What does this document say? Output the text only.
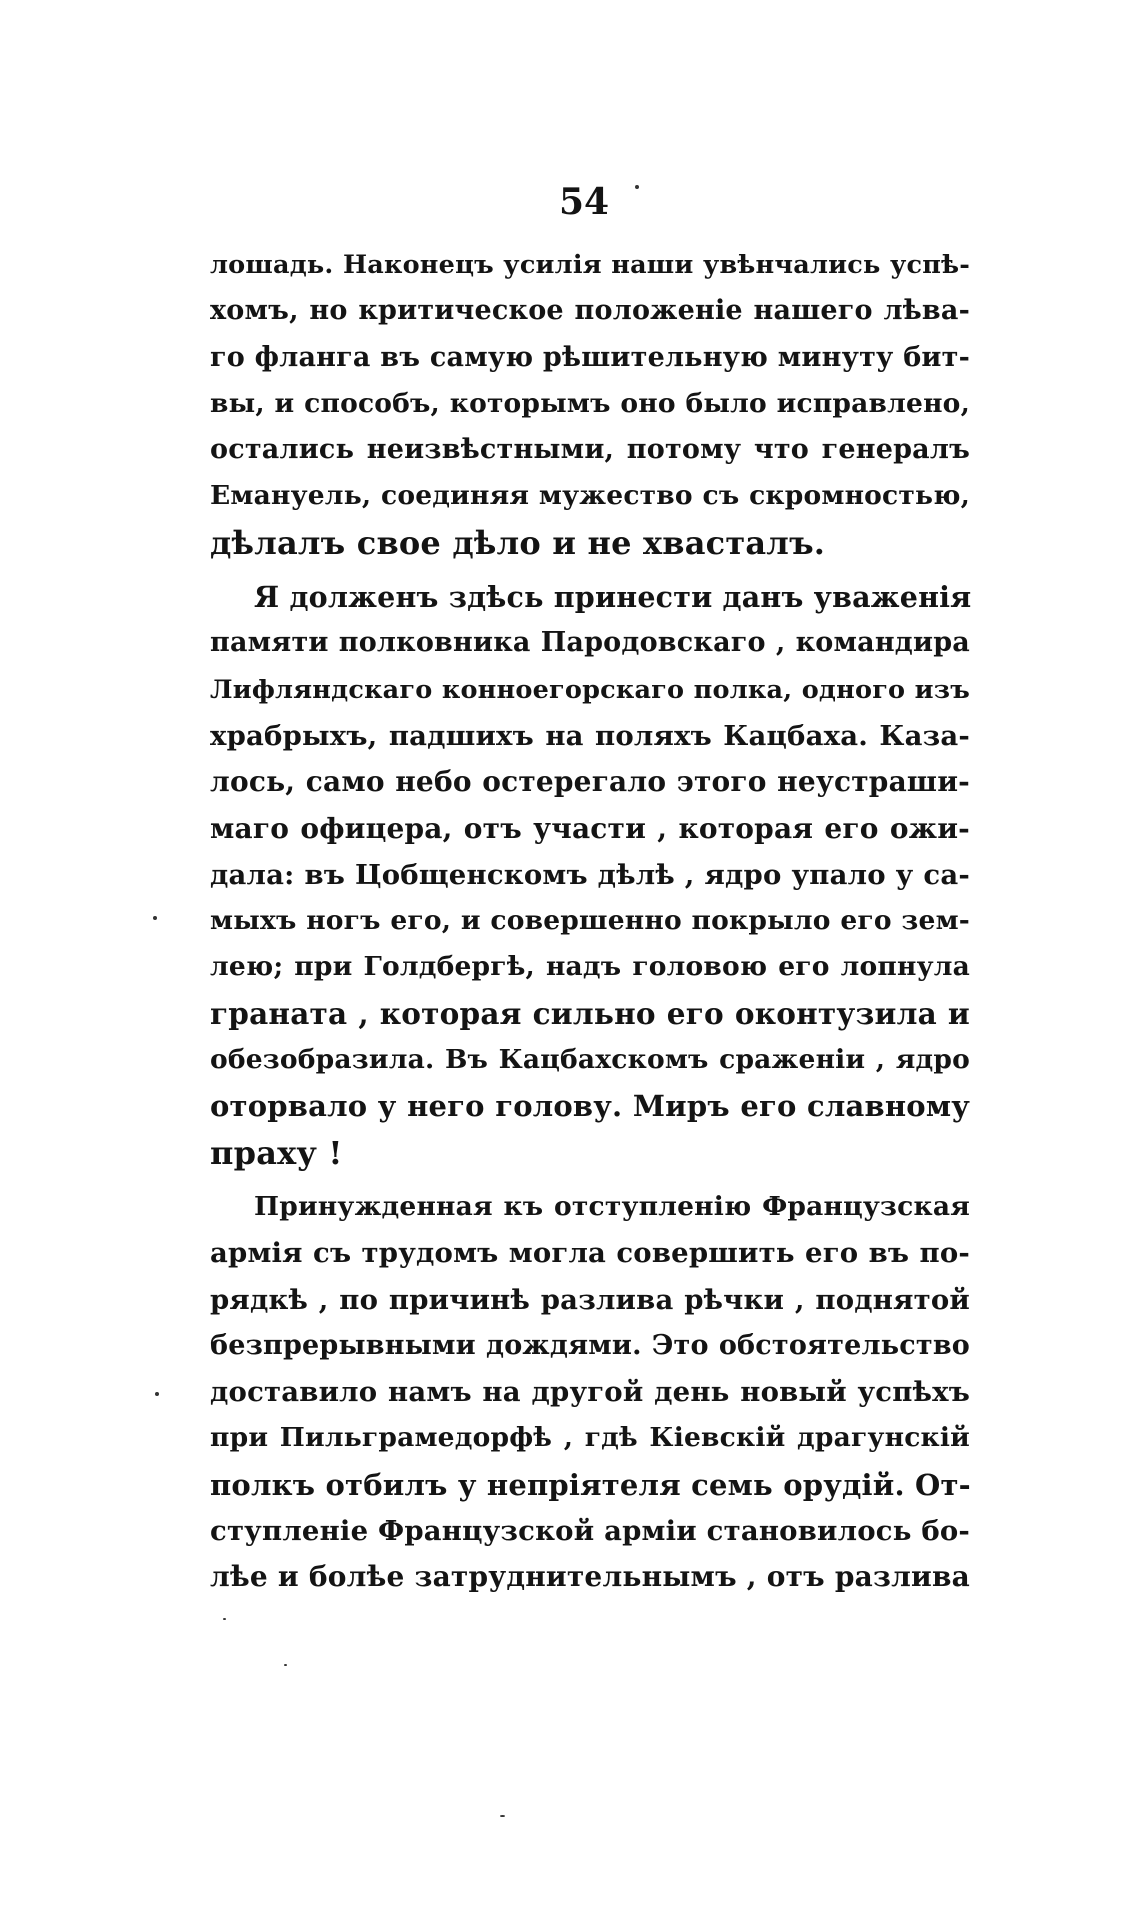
54
лошадь. Наконецъ усилія наши увѣнчались успѣ-
хомъ, но критическое положеніе нашего лѣва-
го фланга въ самую рѣшительную минуту бит-
вы, и способъ, которымъ оно было исправлено,
остались неизвѣстными, потому что генералъ
Емануель, соединяя мужество съ скромностью,
дѣлалъ свое дѣло и не хвасталъ.
Я долженъ здѣсь принести данъ уваженія
памяти полковника Пародовскаго , командира
Лифляндскаго конноегорскаго полка, одного изъ
храбрыхъ, падшихъ на поляхъ Кацбаха. Каза-
лось, само небо остерегало этого неустраши-
маго офицера, отъ участи , которая его ожи-
дала: въ Цобщенскомъ дѣлѣ , ядро упало у са-
мыхъ ногъ его, и совершенно покрыло его зем-
лею; при Голдбергѣ, надъ головою его лопнула
граната , которая сильно его оконтузила и
обезобразила. Въ Кацбахскомъ сраженіи , ядро
оторвало у него голову. Миръ его славному
праху !
Принужденная къ отступленію Французская
армія съ трудомъ могла совершить его въ по-
рядкѣ , по причинѣ разлива рѣчки , поднятой
безпрерывными дождями. Это обстоятельство
доставило намъ на другой день новый успѣхъ
при Пильграмедорфѣ , гдѣ Кіевскій драгунскій
полкъ отбилъ у непріятеля семь орудій. От-
ступленіе Французской арміи становилось бо-
лѣе и болѣе затруднительнымъ , отъ разлива
